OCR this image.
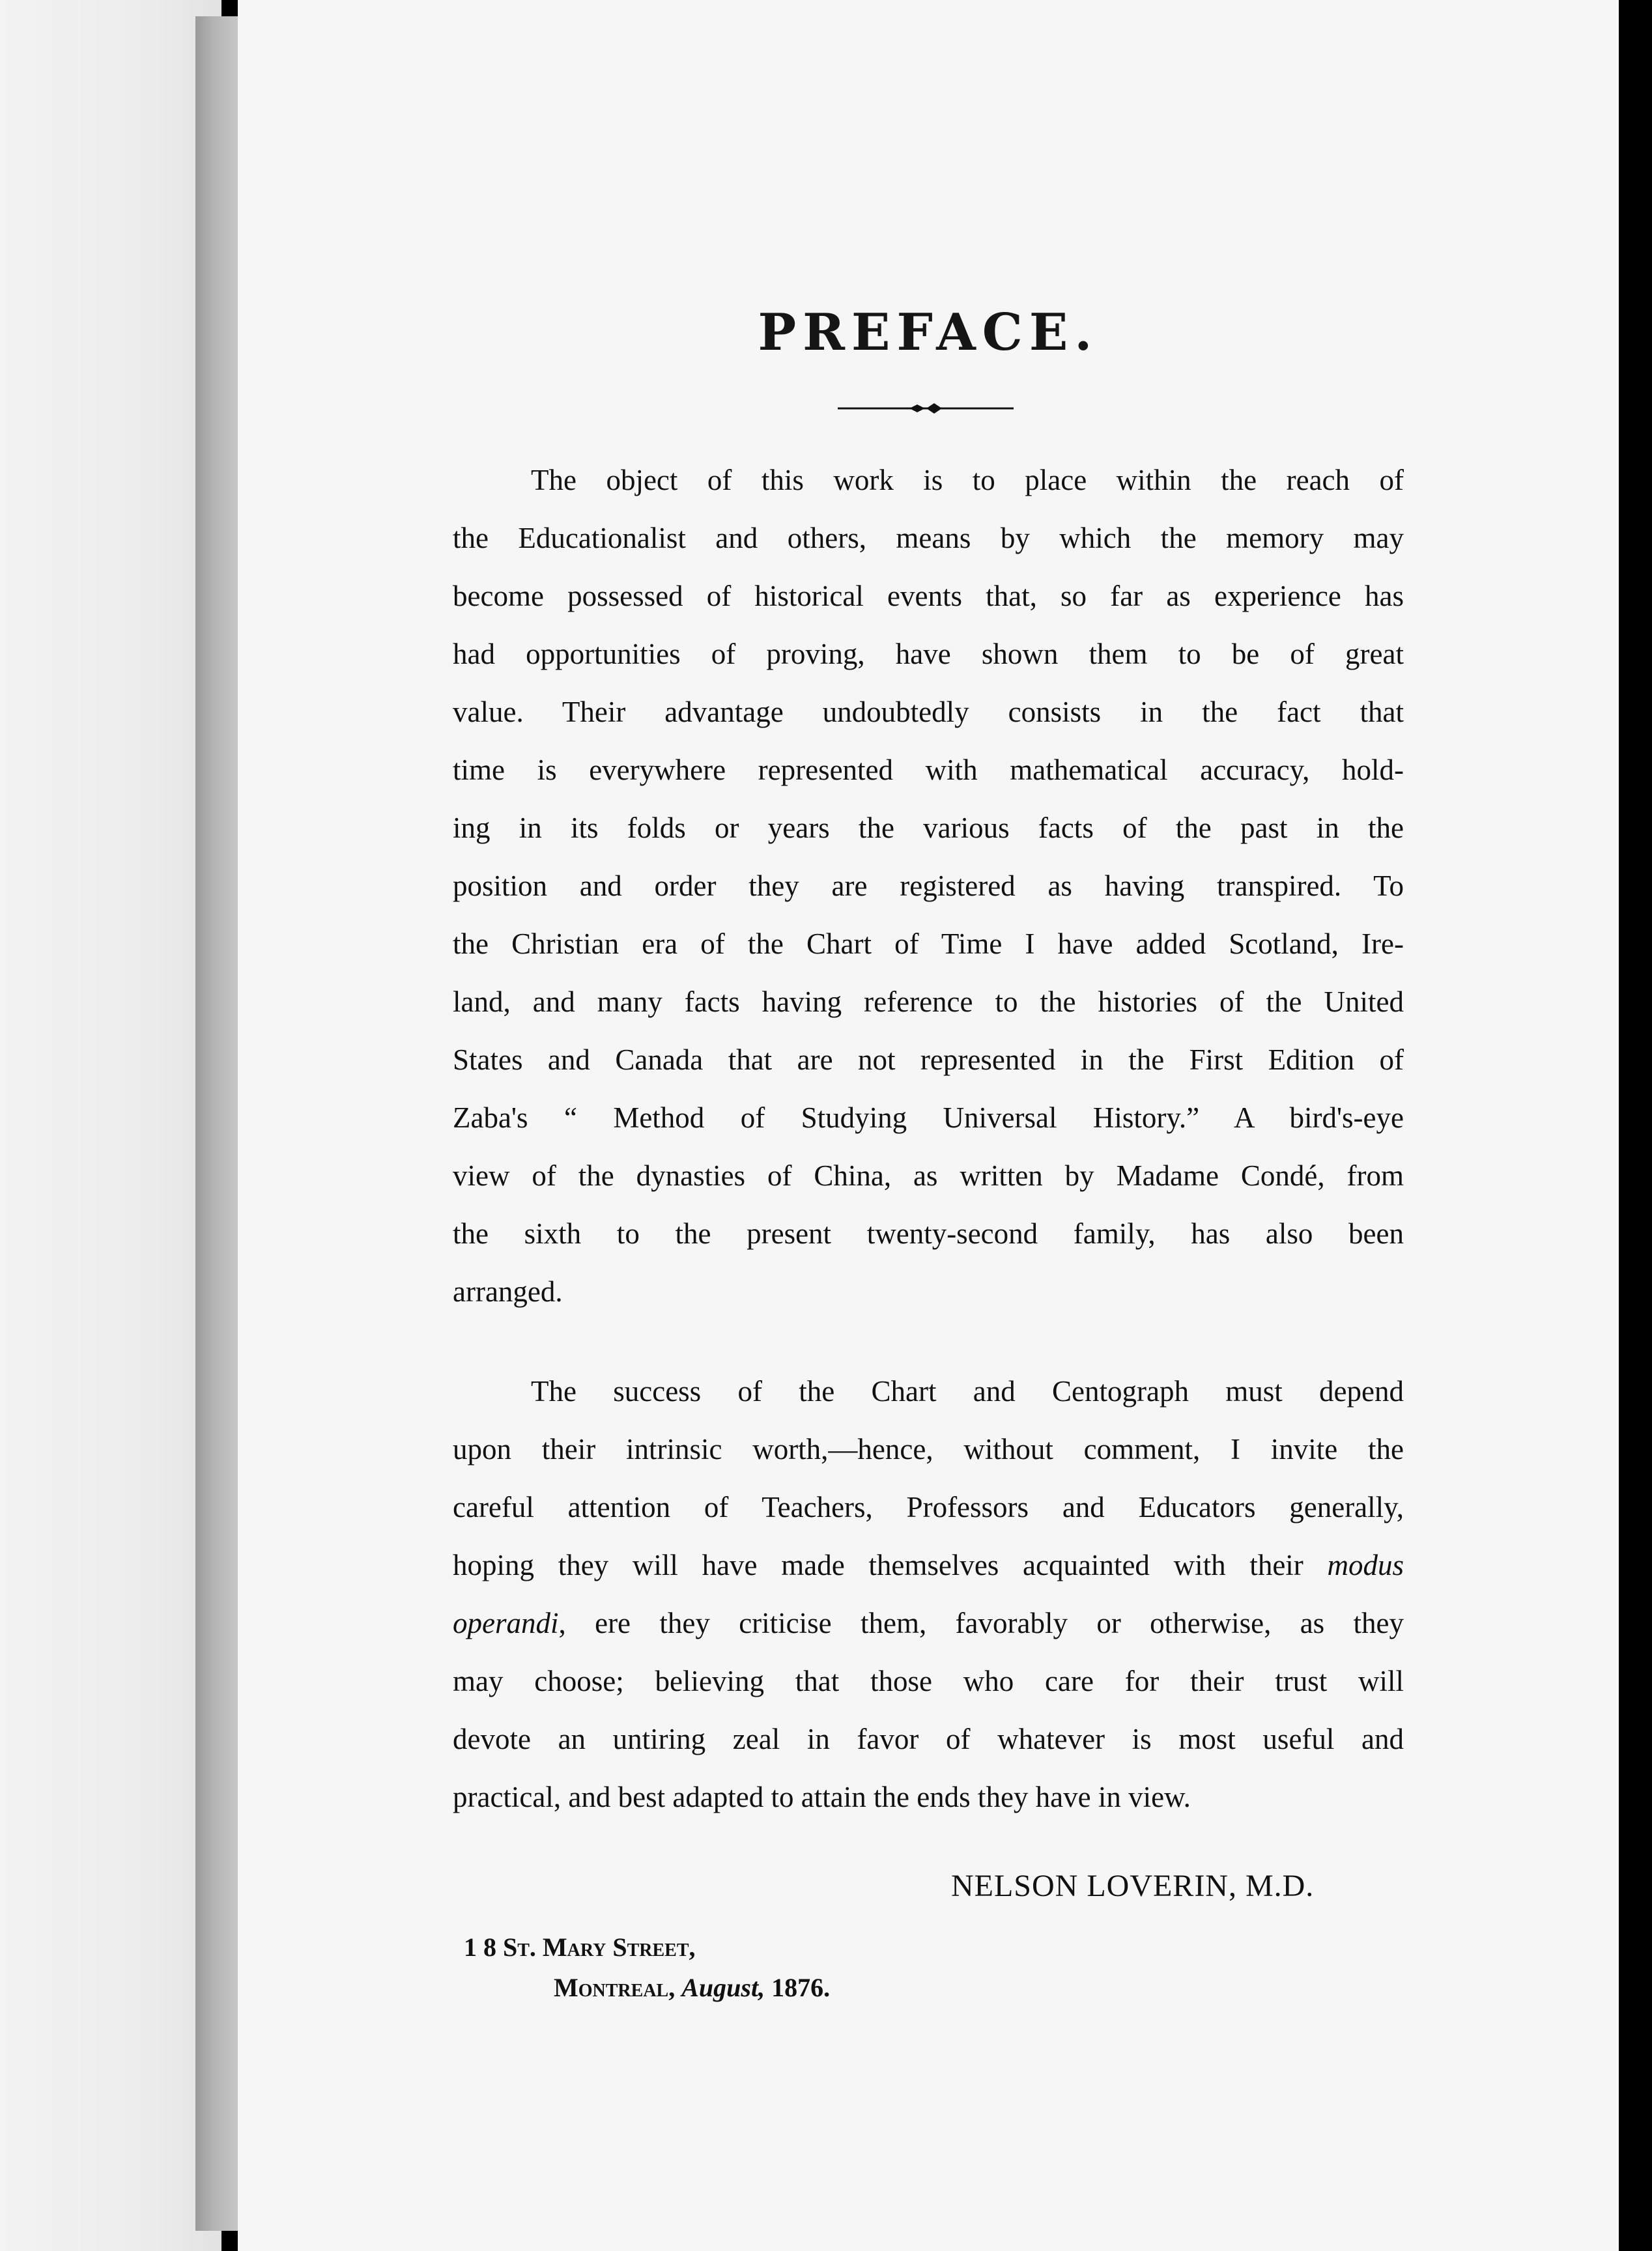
PREFACE.
The object of this work is to place within the reach of
the Educationalist and others, means by which the memory may
become possessed of historical events that, so far as experience has
had opportunities of proving, have shown them to be of great
value. Their advantage undoubtedly consists in the fact that
time is everywhere represented with mathematical accuracy, hold-
ing in its folds or years the various facts of the past in the
position and order they are registered as having transpired. To
the Christian era of the Chart of Time I have added Scotland, Ire-
land, and many facts having reference to the histories of the United
States and Canada that are not represented in the First Edition of
Zaba's “ Method of Studying Universal History.” A bird's-eye
view of the dynasties of China, as written by Madame Condé, from
the sixth to the present twenty-second family, has also been
arranged.
The success of the Chart and Centograph must depend
upon their intrinsic worth,—hence, without comment, I invite the
careful attention of Teachers, Professors and Educators generally,
hoping they will have made themselves acquainted with their modus
operandi, ere they criticise them, favorably or otherwise, as they
may choose; believing that those who care for their trust will
devote an untiring zeal in favor of whatever is most useful and
practical, and best adapted to attain the ends they have in view.
NELSON LOVERIN, M.D.
1 8 St. Mary Street,
Montreal, August, 1876.
